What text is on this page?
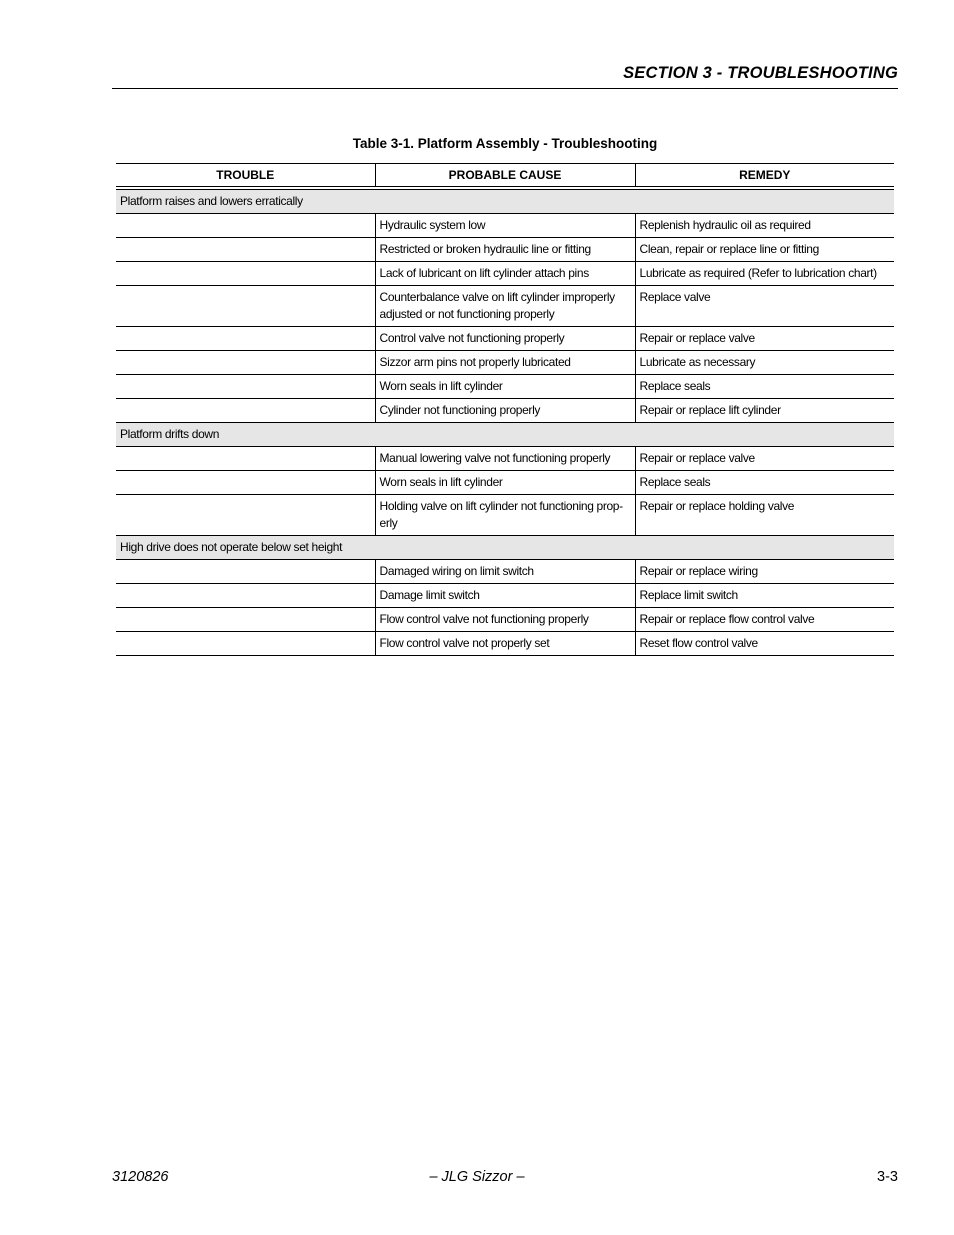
SECTION 3 - TROUBLESHOOTING
Table 3-1. Platform Assembly - Troubleshooting
TROUBLE	PROBABLE CAUSE	REMEDY

Platform raises and lowers erratically		
	Hydraulic system low	Replenish hydraulic oil as required
	Restricted or broken hydraulic line or fitting	Clean, repair or replace line or fitting
	Lack of lubricant on lift cylinder attach pins	Lubricate as required (Refer to lubrication chart)
	Counterbalance valve on lift cylinder improperly adjusted or not functioning properly	Replace valve
	Control valve not functioning properly	Repair or replace valve
	Sizzor arm pins not properly lubricated	Lubricate as necessary
	Worn seals in lift cylinder	Replace seals
	Cylinder not functioning properly	Repair or replace lift cylinder
Platform drifts down		
	Manual lowering valve not functioning properly	Repair or replace valve
	Worn seals in lift cylinder	Replace seals
	Holding valve on lift cylinder not functioning prop-erly	Repair or replace holding valve
High drive does not operate below set height		
	Damaged wiring on limit switch	Repair or replace wiring
	Damage limit switch	Replace limit switch
	Flow control valve not functioning properly	Repair or replace flow control valve
	Flow control valve not properly set	Reset flow control valve
3120826	– JLG Sizzor –	3-3
